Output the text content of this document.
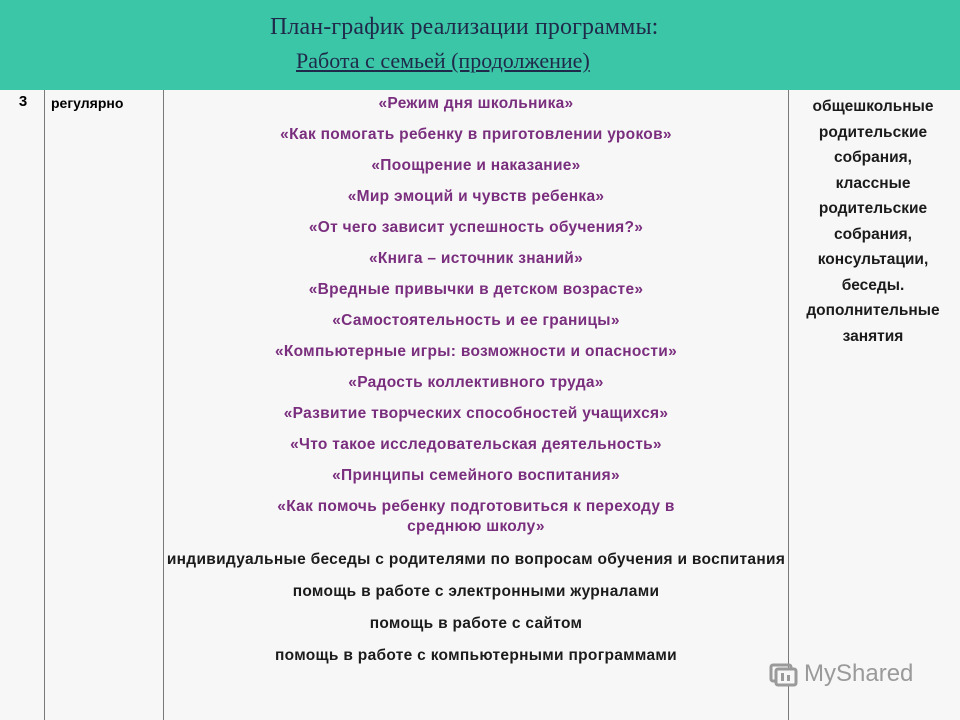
План-график реализации программы:
Работа с семьей (продолжение)
3	регулярно	«Режим дня школьника»
«Как помогать ребенку в приготовлении уроков»
«Поощрение и наказание»
«Мир эмоций и чувств ребенка»
«От чего зависит успешность обучения?»
«Книга – источник знаний»
«Вредные привычки в детском возрасте»
«Самостоятельность и ее границы»
«Компьютерные игры: возможности и опасности»
«Радость коллективного труда»
«Развитие творческих способностей учащихся»
«Что такое исследовательская деятельность»
«Принципы семейного воспитания»
«Как помочь ребенку подготовиться к переходу в среднюю школу»
индивидуальные беседы с родителями по вопросам обучения и воспитания
помощь в работе с электронными журналами
помощь в работе с сайтом
помощь в работе с компьютерными программами
общешкольные
родительские
собрания,
классные
родительские
собрания,
консультации,
беседы.
дополнительные
занятия
MyShared
